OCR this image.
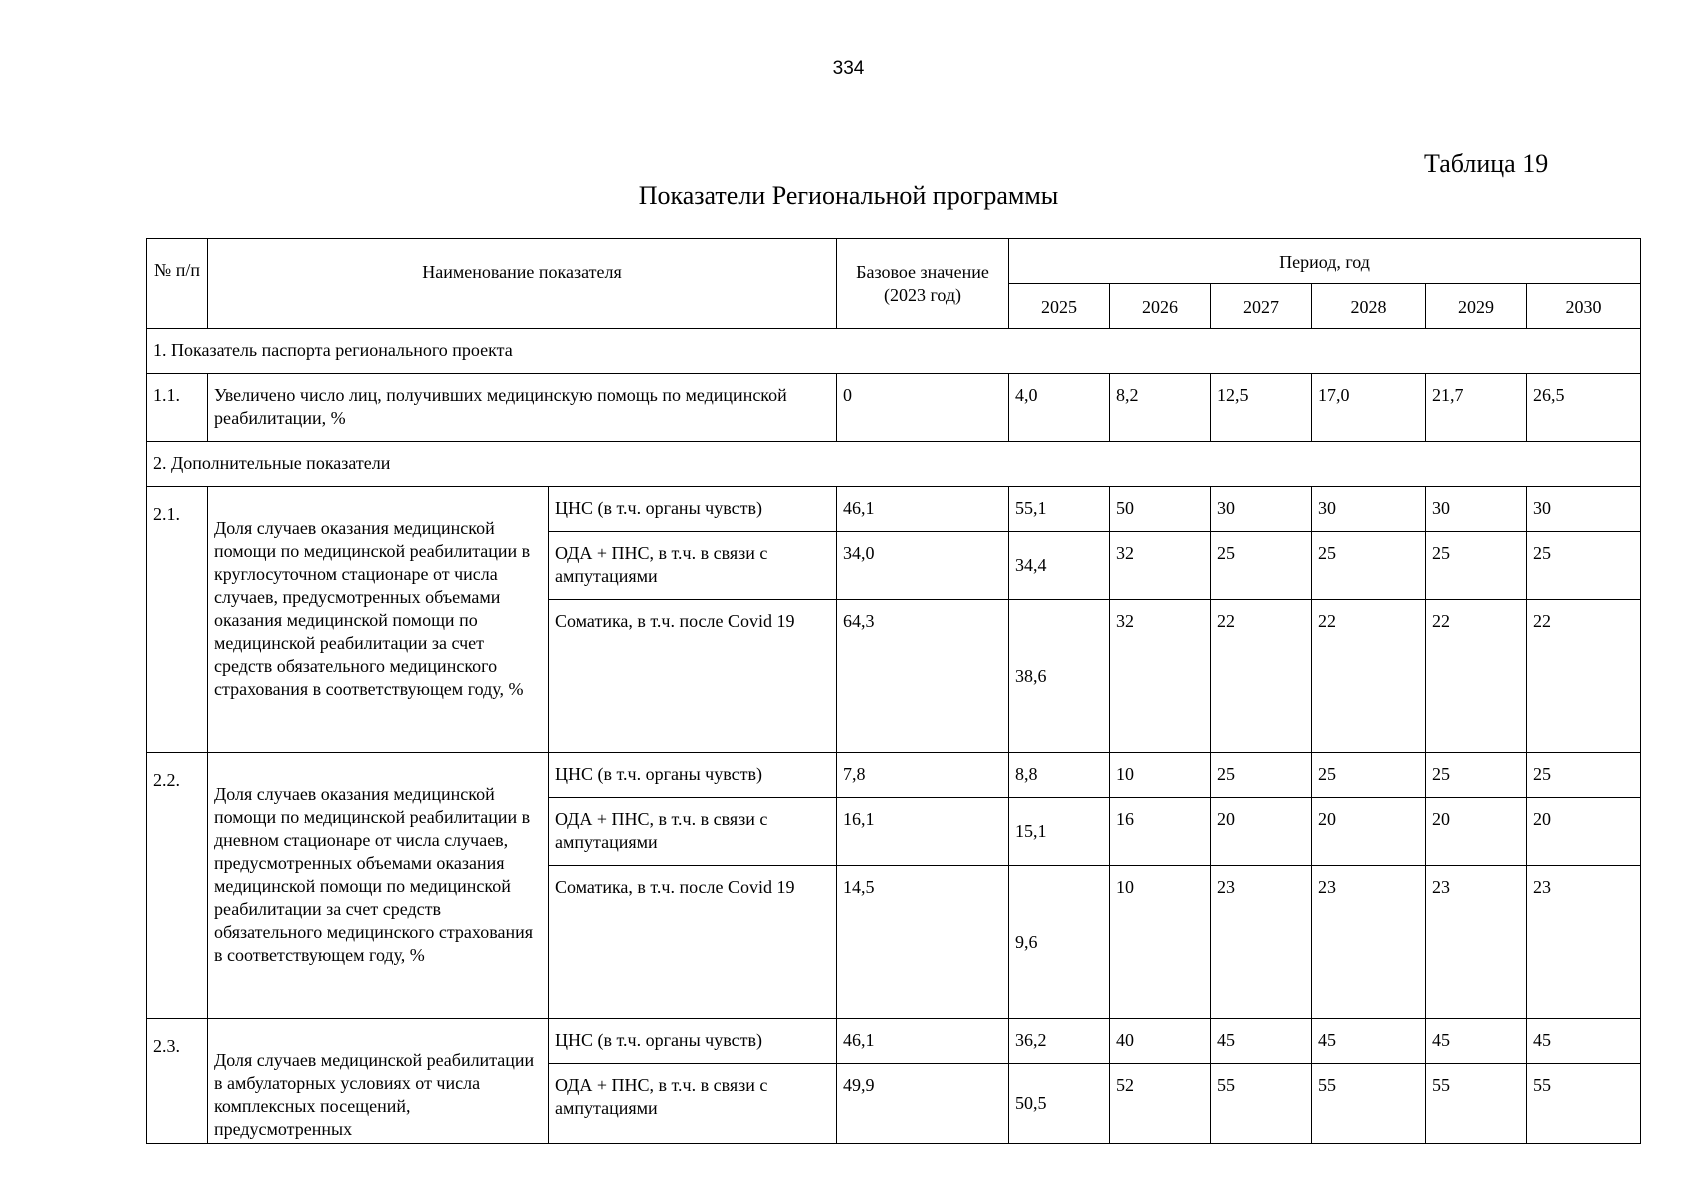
334
Таблица 19
Показатели Региональной программы
№ п/п	Наименование показателя		Базовое значение (2023 год)	Период, год					
				2025	2026	2027	2028	2029	2030
1. Показатель паспорта регионального проекта									
1.1.	Увеличено число лиц, получивших медицинскую помощь по медицинской реабилитации, %		0	4,0	8,2	12,5	17,0	21,7	26,5
2. Дополнительные показатели									
2.1.	Доля случаев оказания медицинской помощи по медицинской реабилитации в круглосуточном стационаре от числа случаев, предусмотренных объемами оказания медицинской помощи по медицинской реабилитации за счет средств обязательного медицинского страхования в соответствующем году, %	ЦНС (в т.ч. органы чувств)	46,1	55,1	50	30	30	30	30
		ОДА + ПНС, в т.ч. в связи с ампутациями	34,0	34,4	32	25	25	25	25
		Соматика, в т.ч. после Covid 19	64,3	38,6	32	22	22	22	22
2.2.	Доля случаев оказания медицинской помощи по медицинской реабилитации в дневном стационаре от числа случаев, предусмотренных объемами оказания медицинской помощи по медицинской реабилитации за счет средств обязательного медицинского страхования в соответствующем году, %	ЦНС (в т.ч. органы чувств)	7,8	8,8	10	25	25	25	25
		ОДА + ПНС, в т.ч. в связи с ампутациями	16,1	15,1	16	20	20	20	20
		Соматика, в т.ч. после Covid 19	14,5	9,6	10	23	23	23	23
2.3.	Доля случаев медицинской реабилитации в амбулаторных условиях от числа комплексных посещений, предусмотренных	ЦНС (в т.ч. органы чувств)	46,1	36,2	40	45	45	45	45
		ОДА + ПНС, в т.ч. в связи с ампутациями	49,9	50,5	52	55	55	55	55
